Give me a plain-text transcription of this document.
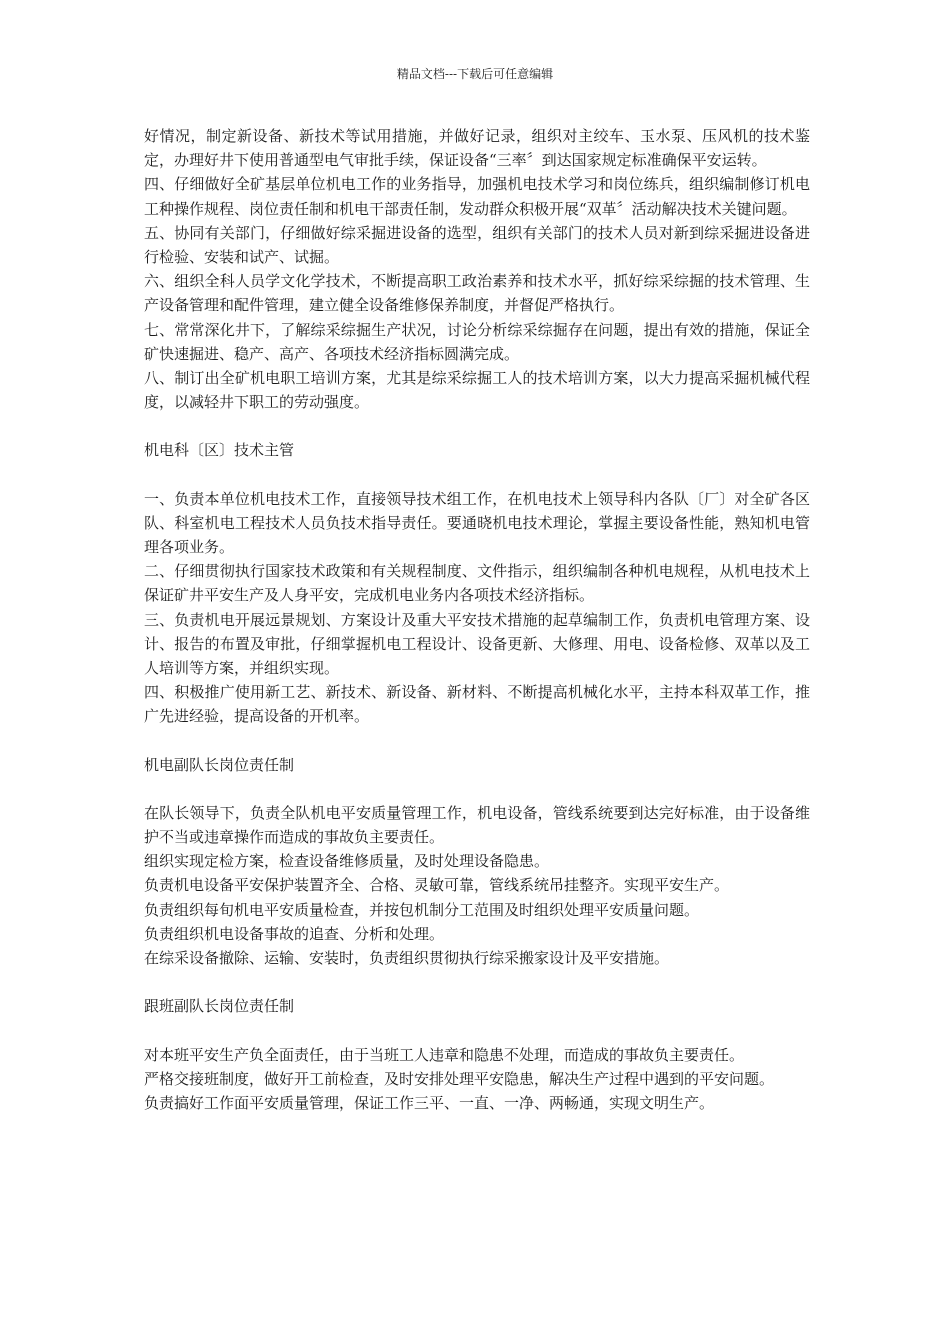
精品文档---下载后可任意编辑

好情况，制定新设备、新技术等试用措施，并做好记录，组织对主绞车、玉水泵、压风机的技术鉴定，办理好井下使用普通型电气审批手续，保证设备“三率〞到达国家规定标准确保平安运转。

四、仔细做好全矿基层单位机电工作的业务指导，加强机电技术学习和岗位练兵，组织编制修订机电工种操作规程、岗位责任制和机电干部责任制，发动群众积极开展“双革〞活动解决技术关键问题。

五、协同有关部门，仔细做好综采掘进设备的选型，组织有关部门的技术人员对新到综采掘进设备进行检验、安装和试产、试掘。

六、组织全科人员学文化学技术，不断提高职工政治素养和技术水平，抓好综采综掘的技术管理、生产设备管理和配件管理，建立健全设备维修保养制度，并督促严格执行。

七、常常深化井下，了解综采综掘生产状况，讨论分析综采综掘存在问题，提出有效的措施，保证全矿快速掘进、稳产、高产、各项技术经济指标圆满完成。

八、制订出全矿机电职工培训方案，尤其是综采综掘工人的技术培训方案，以大力提高采掘机械代程度，以减轻井下职工的劳动强度。

机电科〔区〕技术主管

一、负责本单位机电技术工作，直接领导技术组工作，在机电技术上领导科内各队〔厂〕对全矿各区队、科室机电工程技术人员负技术指导责任。要通晓机电技术理论，掌握主要设备性能，熟知机电管理各项业务。

二、仔细贯彻执行国家技术政策和有关规程制度、文件指示，组织编制各种机电规程，从机电技术上保证矿井平安生产及人身平安，完成机电业务内各项技术经济指标。

三、负责机电开展远景规划、方案设计及重大平安技术措施的起草编制工作，负责机电管理方案、设计、报告的布置及审批，仔细掌握机电工程设计、设备更新、大修理、用电、设备检修、双革以及工人培训等方案，并组织实现。

四、积极推广使用新工艺、新技术、新设备、新材料、不断提高机械化水平，主持本科双革工作，推广先进经验，提高设备的开机率。

机电副队长岗位责任制

在队长领导下，负责全队机电平安质量管理工作，机电设备，管线系统要到达完好标准，由于设备维护不当或违章操作而造成的事故负主要责任。

组织实现定检方案，检查设备维修质量，及时处理设备隐患。

负责机电设备平安保护装置齐全、合格、灵敏可靠，管线系统吊挂整齐。实现平安生产。

负责组织每旬机电平安质量检查，并按包机制分工范围及时组织处理平安质量问题。

负责组织机电设备事故的追查、分析和处理。

在综采设备撤除、运输、安装时，负责组织贯彻执行综采搬家设计及平安措施。

跟班副队长岗位责任制

对本班平安生产负全面责任，由于当班工人违章和隐患不处理，而造成的事故负主要责任。

严格交接班制度，做好开工前检查，及时安排处理平安隐患，解决生产过程中遇到的平安问题。

负责搞好工作面平安质量管理，保证工作三平、一直、一净、两畅通，实现文明生产。
